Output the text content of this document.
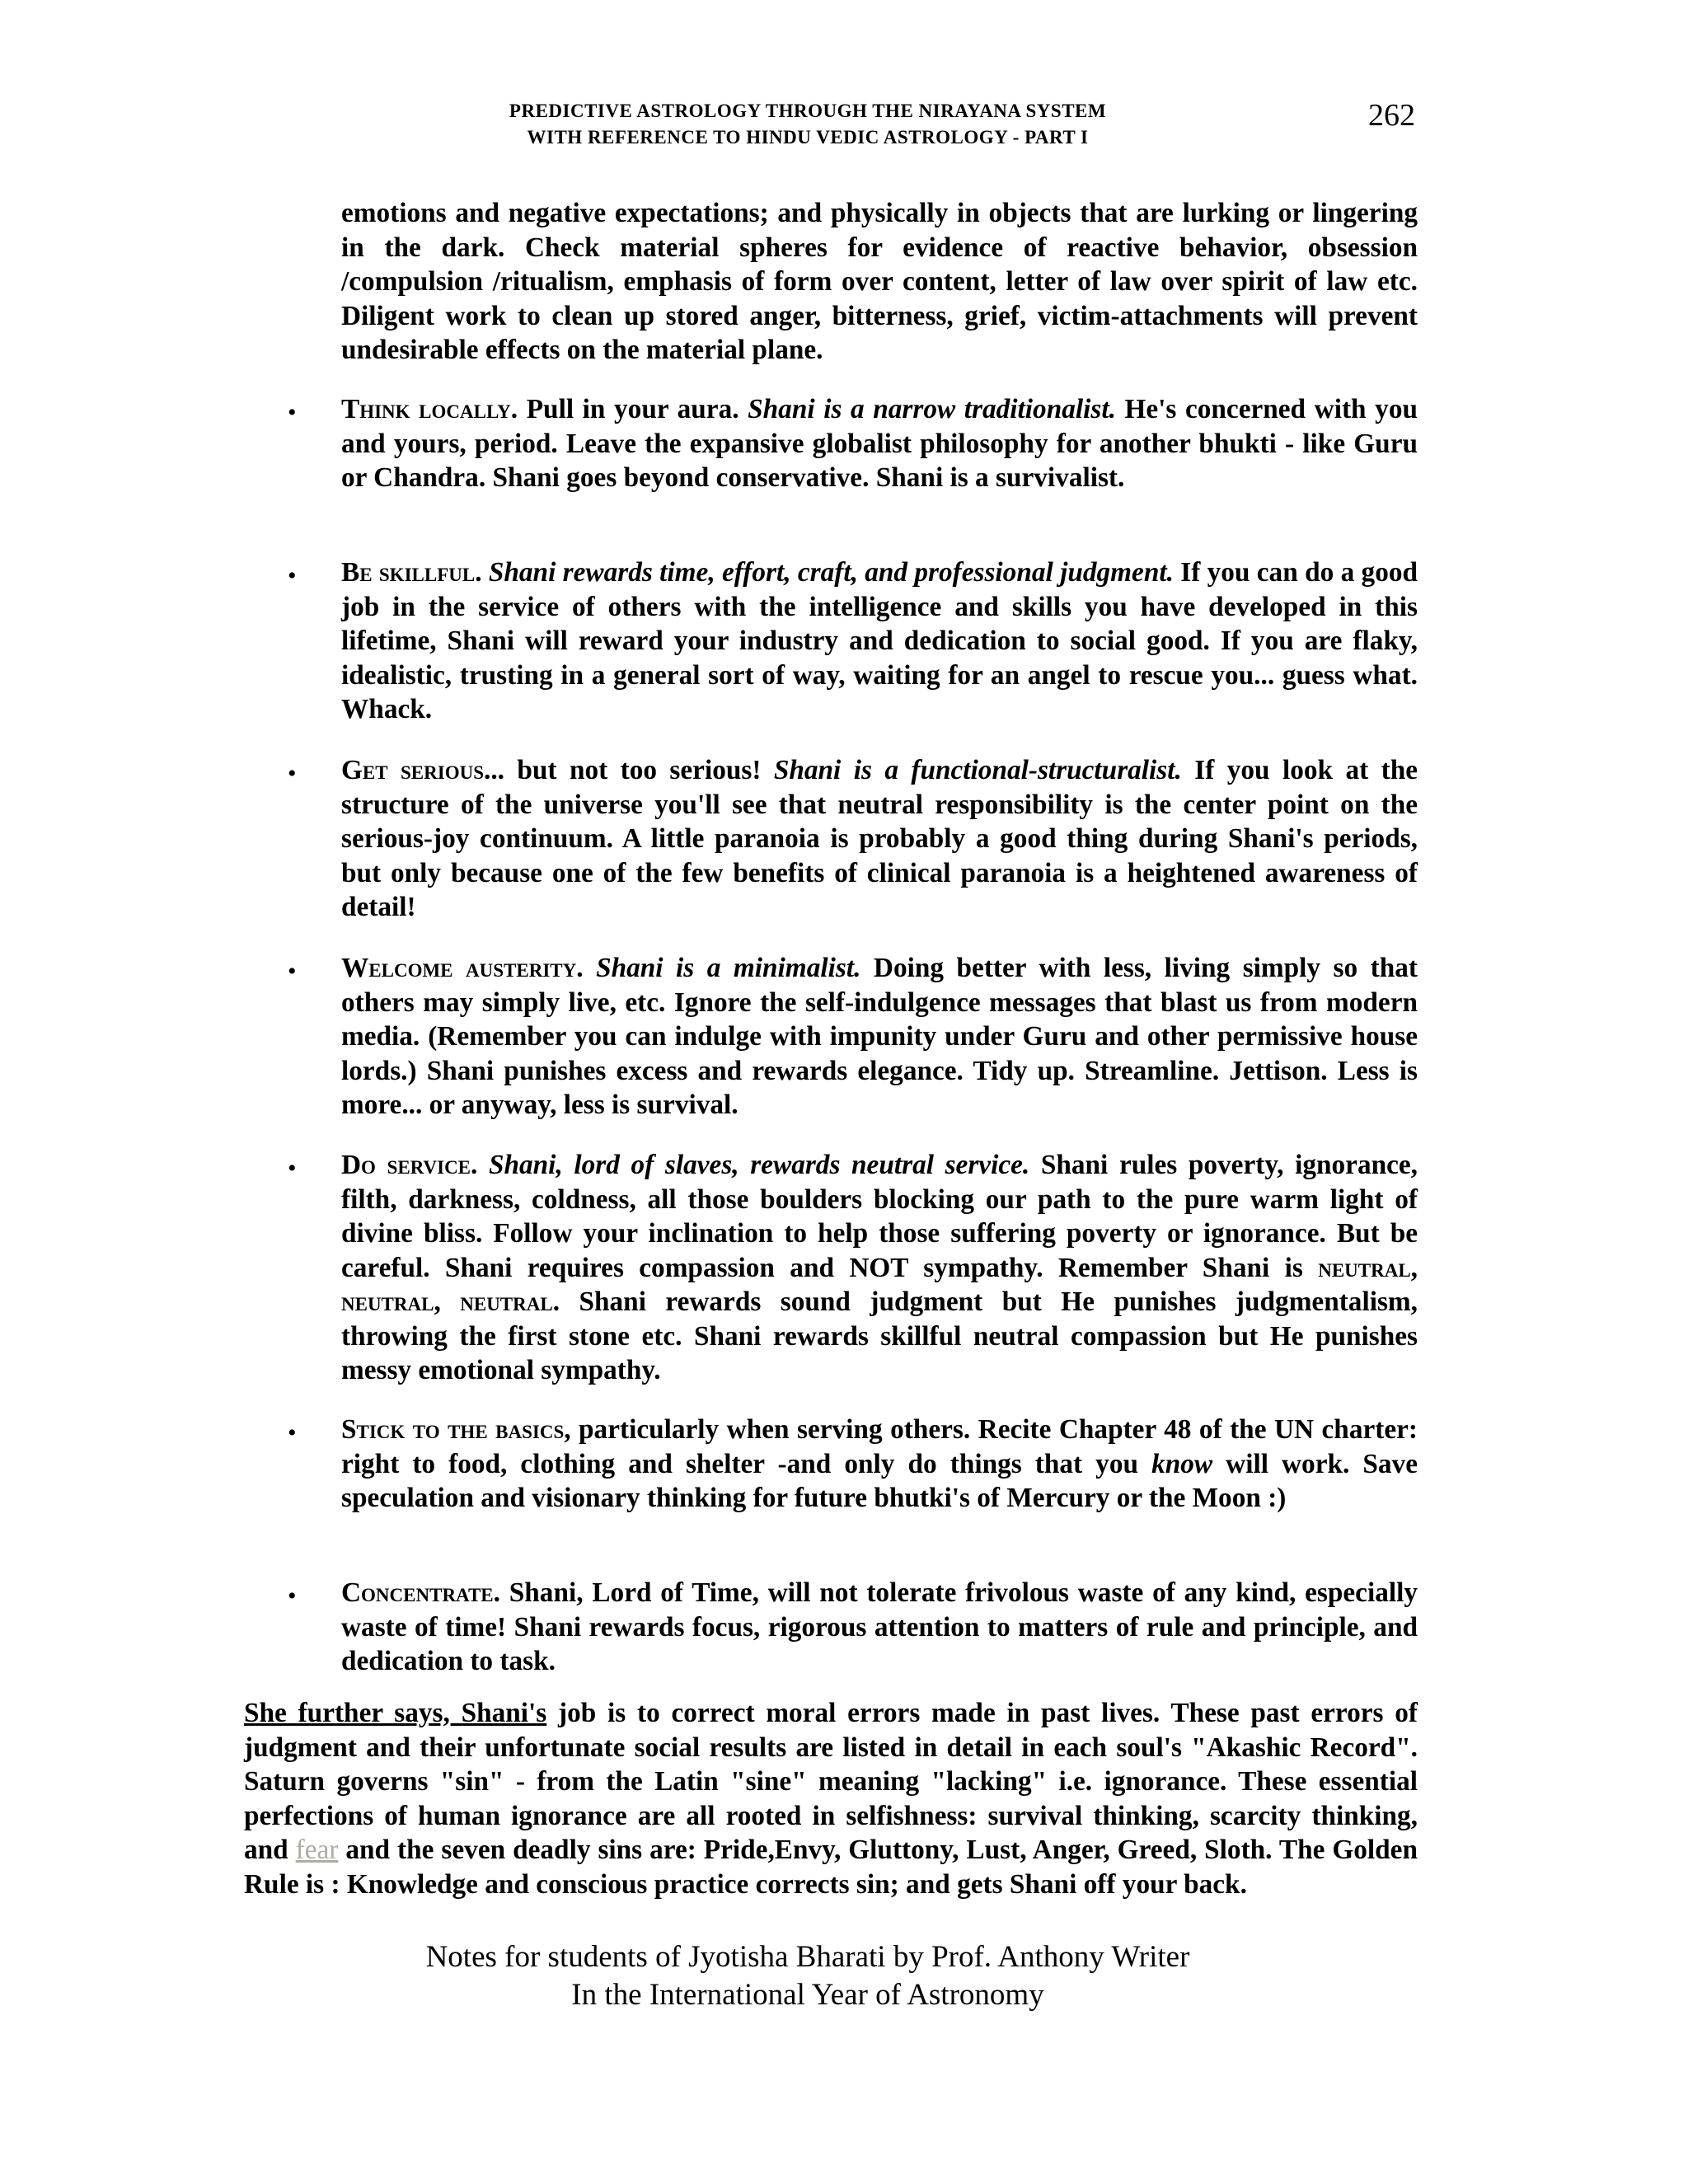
PREDICTIVE ASTROLOGY THROUGH THE NIRAYANA SYSTEM
WITH REFERENCE TO HINDU VEDIC ASTROLOGY - PART I
262
emotions and negative expectations; and physically in objects that are lurking or lingering in the dark. Check material spheres for evidence of reactive behavior, obsession /compulsion /ritualism, emphasis of form over content, letter of law over spirit of law etc. Diligent work to clean up stored anger, bitterness, grief, victim-attachments will prevent undesirable effects on the material plane.
• Think locally. Pull in your aura. Shani is a narrow traditionalist. He's concerned with you and yours, period. Leave the expansive globalist philosophy for another bhukti - like Guru or Chandra. Shani goes beyond conservative. Shani is a survivalist.
• Be skillful. Shani rewards time, effort, craft, and professional judgment. If you can do a good job in the service of others with the intelligence and skills you have developed in this lifetime, Shani will reward your industry and dedication to social good. If you are flaky, idealistic, trusting in a general sort of way, waiting for an angel to rescue you... guess what. Whack.
• Get serious... but not too serious! Shani is a functional-structuralist. If you look at the structure of the universe you'll see that neutral responsibility is the center point on the serious-joy continuum. A little paranoia is probably a good thing during Shani's periods, but only because one of the few benefits of clinical paranoia is a heightened awareness of detail!
• Welcome austerity. Shani is a minimalist. Doing better with less, living simply so that others may simply live, etc. Ignore the self-indulgence messages that blast us from modern media. (Remember you can indulge with impunity under Guru and other permissive house lords.) Shani punishes excess and rewards elegance. Tidy up. Streamline. Jettison. Less is more... or anyway, less is survival.
• Do service. Shani, lord of slaves, rewards neutral service. Shani rules poverty, ignorance, filth, darkness, coldness, all those boulders blocking our path to the pure warm light of divine bliss. Follow your inclination to help those suffering poverty or ignorance. But be careful. Shani requires compassion and NOT sympathy. Remember Shani is neutral, neutral, neutral. Shani rewards sound judgment but He punishes judgmentalism, throwing the first stone etc. Shani rewards skillful neutral compassion but He punishes messy emotional sympathy.
• Stick to the basics, particularly when serving others. Recite Chapter 48 of the UN charter: right to food, clothing and shelter -and only do things that you know will work. Save speculation and visionary thinking for future bhutki's of Mercury or the Moon :)
• Concentrate. Shani, Lord of Time, will not tolerate frivolous waste of any kind, especially waste of time! Shani rewards focus, rigorous attention to matters of rule and principle, and dedication to task.
She further says, Shani's job is to correct moral errors made in past lives. These past errors of judgment and their unfortunate social results are listed in detail in each soul's "Akashic Record". Saturn governs "sin" - from the Latin "sine" meaning "lacking" i.e. ignorance. These essential perfections of human ignorance are all rooted in selfishness: survival thinking, scarcity thinking, and fear and the seven deadly sins are: Pride,Envy, Gluttony, Lust, Anger, Greed, Sloth. The Golden Rule is : Knowledge and conscious practice corrects sin; and gets Shani off your back.
Notes for students of Jyotisha Bharati by Prof. Anthony Writer
In the International Year of Astronomy
